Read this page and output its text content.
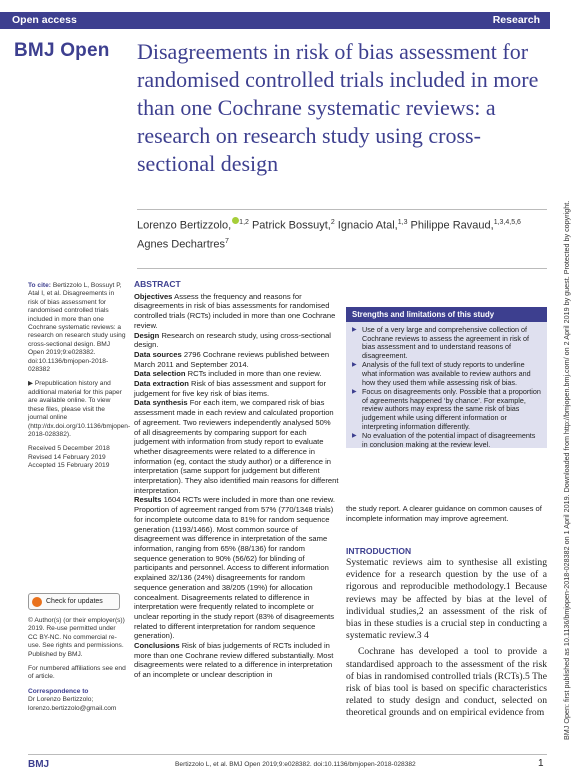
Open access	Research
BMJ Open Disagreements in risk of bias assessment for randomised controlled trials included in more than one Cochrane systematic reviews: a research on research study using cross-sectional design
Lorenzo Bertizzolo, $^{1,2}$ Patrick Bossuyt,$^2$ Ignacio Atal,$^{1,3}$ Philippe Ravaud,$^{1,3,4,5,6}$ Agnes Dechartres$^7$

To cite: Bertizzolo L, Bossuyt P, Atal I, et al. Disagreements in risk of bias assessment for randomised controlled trials included in more than one Cochrane systematic reviews: a research on research study using cross-sectional design. BMJ Open 2019;9:e028382. doi:10.1136/bmjopen-2018-028382

▶ Prepublication history and additional material for this paper are available online. To view these files, please visit the journal online (http://dx.doi.org/10.1136/bmjopen-2018-028382).

Received 5 December 2018
Revised 14 February 2019
Accepted 15 February 2019

Check for updates

© Author(s) (or their employer(s)) 2019. Re-use permitted under CC BY-NC. No commercial re-use. See rights and permissions. Published by BMJ.

For numbered affiliations see end of article.

Correspondence to
Dr Lorenzo Bertizzolo;
lorenzo.bertizzolo@gmail.com

ABSTRACT

Objectives Assess the frequency and reasons for disagreements in risk of bias assessments for randomised controlled trials (RCTs) included in more than one Cochrane review.

Design Research on research study, using cross-sectional design.

Data sources 2796 Cochrane reviews published between March 2011 and September 2014.

Data selection RCTs included in more than one review.

Data extraction Risk of bias assessment and support for judgement for five key risk of bias items.

Data synthesis For each item, we compared risk of bias assessment made in each review and calculated proportion of agreement. Two reviewers independently analysed 50% of all disagreements by comparing support for each judgement with information from study report to evaluate whether disagreements were related to a difference in information (eg, contact the study author) or a difference in interpretation (same support for judgement but different interpretation). They also identified main reasons for different interpretation.

Results 1604 RCTs were included in more than one review. Proportion of agreement ranged from 57% (770/1348 trials) for incomplete outcome data to 81% for random sequence generation (1193/1466). Most common source of disagreement was difference in interpretation of the same information, ranging from 65% (88/136) for random sequence generation to 90% (56/62) for blinding of participants and personnel. Access to different information explained 32/136 (24%) disagreements for random sequence generation and 38/205 (19%) for allocation concealment. Disagreements related to difference in interpretation were frequently related to incomplete or unclear reporting in the study report (83% of disagreements related to different interpretation for random sequence generation).

Conclusions Risk of bias judgements of RCTs included in more than one Cochrane review differed substantially. Most disagreements were related to a difference in interpretation of an incomplete or unclear description in

Strengths and limitations of this study
▶ Use of a very large and comprehensive collection of Cochrane reviews to assess the agreement in risk of bias assessment and to understand reasons of disagreement.
▶ Analysis of the full text of study reports to underline what information was available to review authors and how they used them while assessing risk of bias.
▶ Focus on disagreements only. Possible that a proportion of agreements happened ‘by chance’. For example, review authors may express the same risk of bias judgement while using different information or interpreting information differently.
▶ No evaluation of the potential impact of disagreements in conclusion making at the review level.
the study report. A clearer guidance on common causes of incomplete information may improve agreement.
INTRODUCTION

Systematic reviews aim to synthesise all existing evidence for a research question by the use of a rigorous and reproducible methodology.1 Because reviews may be affected by bias at the level of individual studies,2 an assessment of the risk of bias in these studies is a crucial step in conducting a systematic review.3 4

Cochrane has developed a tool to provide a standardised approach to the assessment of the risk of bias in randomised controlled trials (RCTs).5 The risk of bias tool is based on specific characteristics related to study design and conduct, selected on theoretical grounds and on empirical evidence from

BMJ	Bertizzolo L, et al. BMJ Open 2019;9:e028382. doi:10.1136/bmjopen-2018-028382	1
BMJ Open: first published as 10.1136/bmjopen-2018-028382 on 1 April 2019. Downloaded from http://bmjopen.bmj.com/ on 2 April 2019 by guest. Protected by copyright.
